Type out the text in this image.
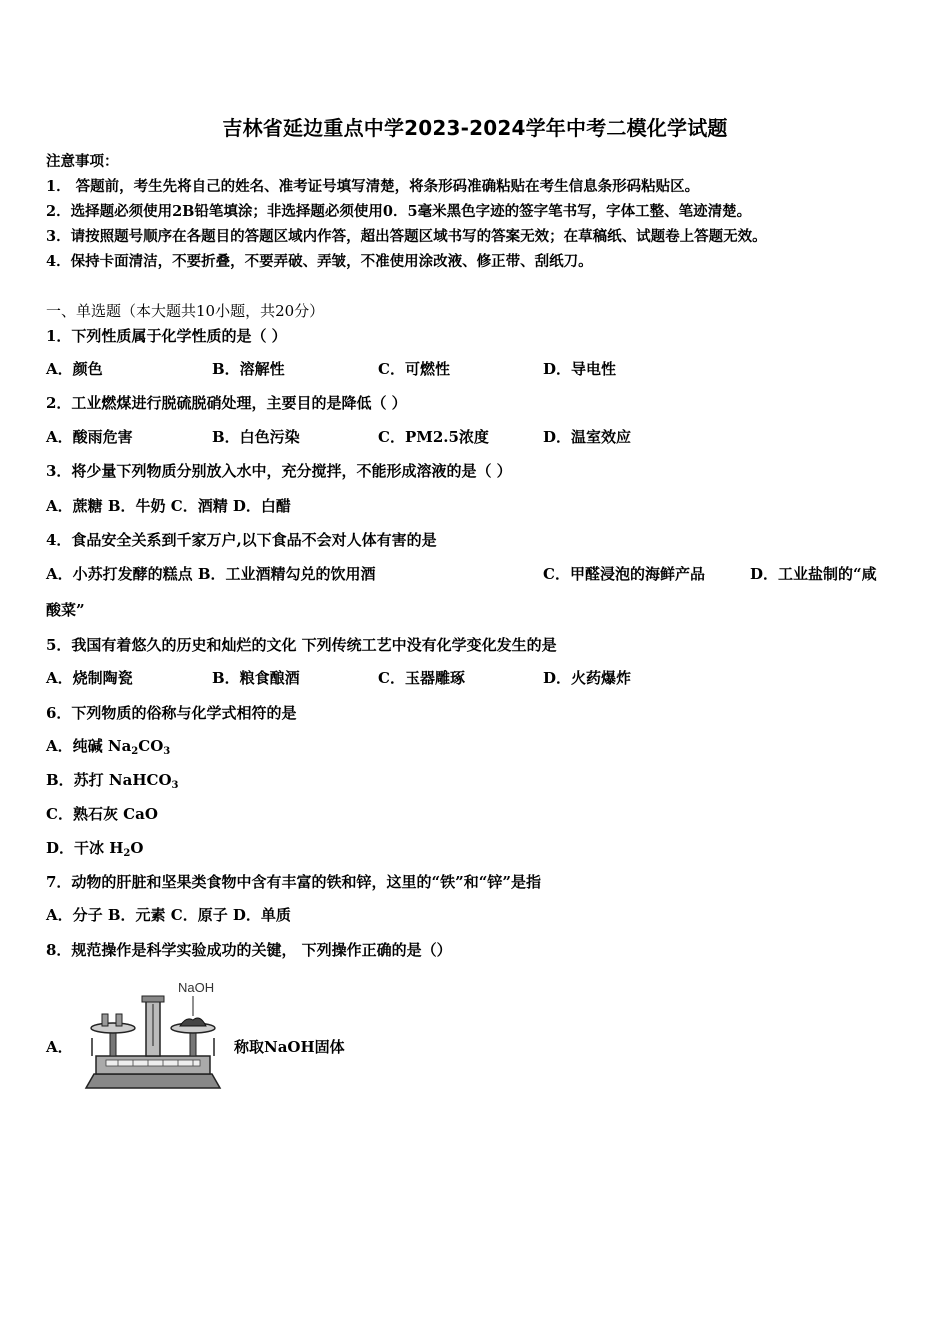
吉林省延边重点中学2023-2024学年中考二模化学试题
注意事项：
1． 答题前，考生先将自己的姓名、准考证号填写清楚，将条形码准确粘贴在考生信息条形码粘贴区。
2．选择题必须使用2B铅笔填涂；非选择题必须使用0．5毫米黑色字迹的签字笔书写，字体工整、笔迹清楚。
3．请按照题号顺序在各题目的答题区域内作答，超出答题区域书写的答案无效；在草稿纸、试题卷上答题无效。
4．保持卡面清洁，不要折叠，不要弄破、弄皱，不准使用涂改液、修正带、刮纸刀。
一、单选题（本大题共10小题，共20分）
1．下列性质属于化学性质的是（ ）
A．颜色	B．溶解性	C．可燃性	D．导电性
2．工业燃煤进行脱硫脱硝处理，主要目的是降低（ ）
A．酸雨危害	B．白色污染	C．PM2.5浓度	D．温室效应
3．将少量下列物质分别放入水中，充分搅拌，不能形成溶液的是（ ）
A．蔗糖 B．牛奶 C．酒精 D．白醋
4．食品安全关系到千家万户,以下食品不会对人体有害的是
A．小苏打发酵的糕点 B．工业酒精勾兑的饮用酒	C．甲醛浸泡的海鲜产品	D．工业盐制的“咸
酸菜”
5．我国有着悠久的历史和灿烂的文化 下列传统工艺中没有化学变化发生的是
A．烧制陶瓷	B．粮食酿酒	C．玉器雕琢	D．火药爆炸
6．下列物质的俗称与化学式相符的是
A．纯碱 $Na_2CO_3$
B．苏打 NaHCO$_3$
C．熟石灰 CaO
D．干冰 $H_2O$
7．动物的肝脏和坚果类食物中含有丰富的铁和锌，这里的“铁”和“锌”是指
A．分子 B．元素 C．原子 D．单质
8．规范操作是科学实验成功的关键， 下列操作正确的是（）
A．
NaOH
称取NaOH固体
